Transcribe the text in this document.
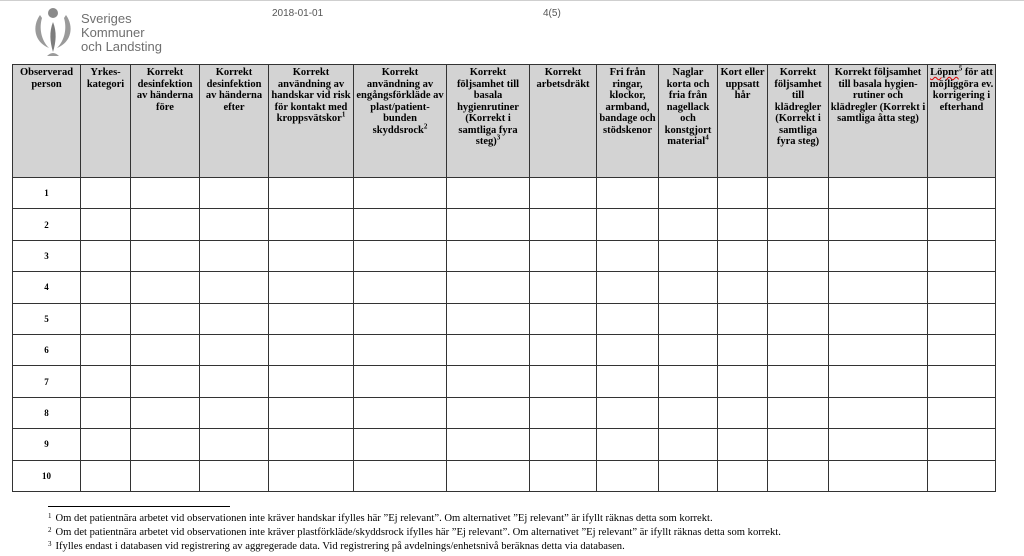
Sveriges
Kommuner
och Landsting
2018-01-01	4(5)
Observerad person	Yrkes-kategori	Korrekt desinfektion av händerna före	Korrekt desinfektion av händerna efter	Korrekt användning av handskar vid risk för kontakt med kroppsvätskor$^1$	Korrekt användning av engångsförkläde av plast/patient-bunden skyddsrock$^2$	Korrekt följsamhet till basala hygienrutiner (Korrekt i samtliga fyra steg)$^3$	Korrekt arbetsdräkt	Fri från ringar, klockor, armband, bandage och stödskenor	Naglar korta och fria från nagellack och konstgjort material$^4$	Kort eller uppsatt hår	Korrekt följsamhet till klädregler (Korrekt i samtliga fyra steg)	Korrekt följsamhet till basala hygien-rutiner och klädregler (Korrekt i samtliga åtta steg)	Löpnr$^5$ för att möjliggöra ev. korrigering i efterhand
1													
2													
3													
4													
5													
6													
7													
8													
9													
10													
$^1$ Om det patientnära arbetet vid observationen inte kräver handskar ifylles här ”Ej relevant”. Om alternativet ”Ej relevant” är ifyllt räknas detta som korrekt.
$^2$ Om det patientnära arbetet vid observationen inte kräver plastförkläde/skyddsrock ifylles här ”Ej relevant”. Om alternativet ”Ej relevant” är ifyllt räknas detta som korrekt.
$^3$ Ifylles endast i databasen vid registrering av aggregerade data. Vid registrering på avdelnings/enhetsnivå beräknas detta via databasen.
